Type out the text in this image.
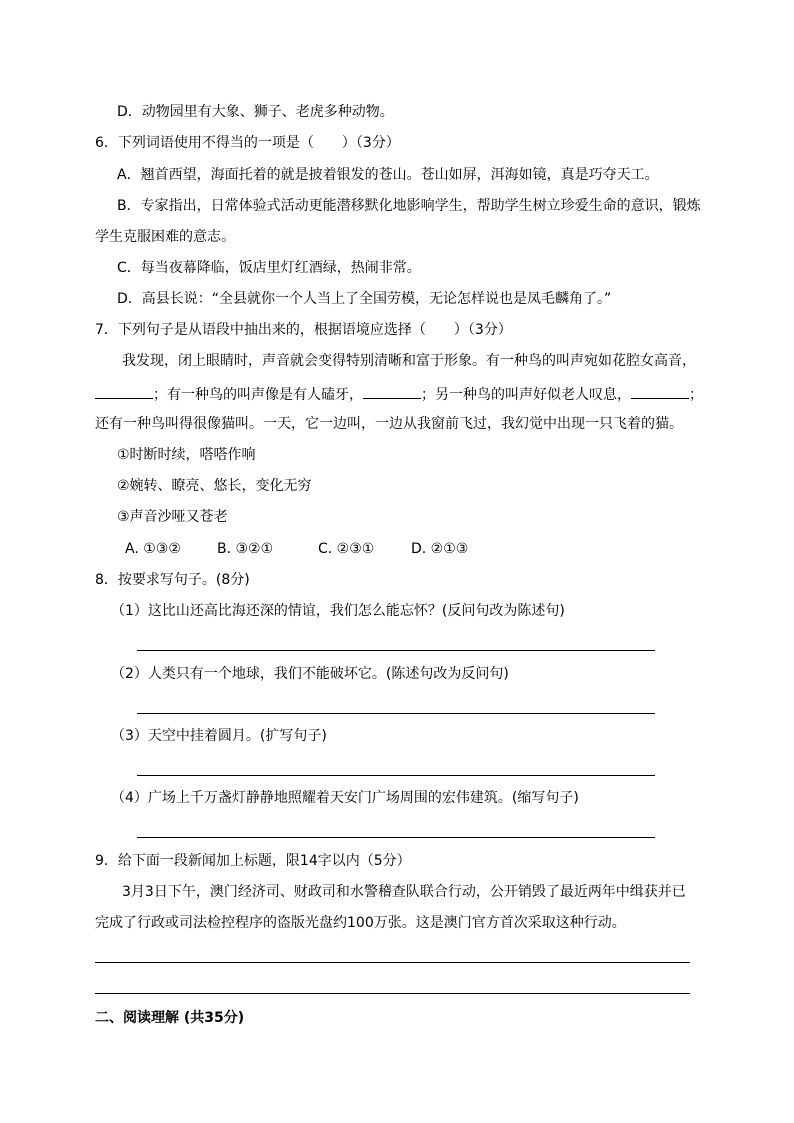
D．动物园里有大象、狮子、老虎多种动物。
6．下列词语使用不得当的一项是（　　）（3分）
A．翘首西望，海面托着的就是披着银发的苍山。苍山如屏，洱海如镜，真是巧夺天工。
B．专家指出，日常体验式活动更能潜移默化地影响学生，帮助学生树立珍爱生命的意识，锻炼
学生克服困难的意志。
C．每当夜幕降临，饭店里灯红酒绿，热闹非常。
D．高县长说：“全县就你一个人当上了全国劳模，无论怎样说也是凤毛麟角了。”
7．下列句子是从语段中抽出来的，根据语境应选择（　　）（3分）
我发现，闭上眼睛时，声音就会变得特别清晰和富于形象。有一种鸟的叫声宛如花腔女高音，
；有一种鸟的叫声像是有人磕牙，	；另一种鸟的叫声好似老人叹息，	；
还有一种鸟叫得很像猫叫。一天，它一边叫，一边从我窗前飞过，我幻觉中出现一只飞着的猫。
①时断时续，嗒嗒作响
②婉转、瞭亮、悠长，变化无穷
③声音沙哑又苍老
A. ①③②	B. ③②①	C. ②③①	D. ②①③
8．按要求写句子。(8分)
（1）这比山还高比海还深的情谊，我们怎么能忘怀？(反问句改为陈述句)
（2）人类只有一个地球，我们不能破坏它。(陈述句改为反问句)
（3）天空中挂着圆月。(扩写句子)
（4）广场上千万盏灯静静地照耀着天安门广场周围的宏伟建筑。(缩写句子)
9．给下面一段新闻加上标题，限14字以内（5分）
3月3日下午，澳门经济司、财政司和水警稽查队联合行动，公开销毁了最近两年中缉获并已
完成了行政或司法检控程序的盗版光盘约100万张。这是澳门官方首次采取这种行动。
二、阅读理解 (共35分)
